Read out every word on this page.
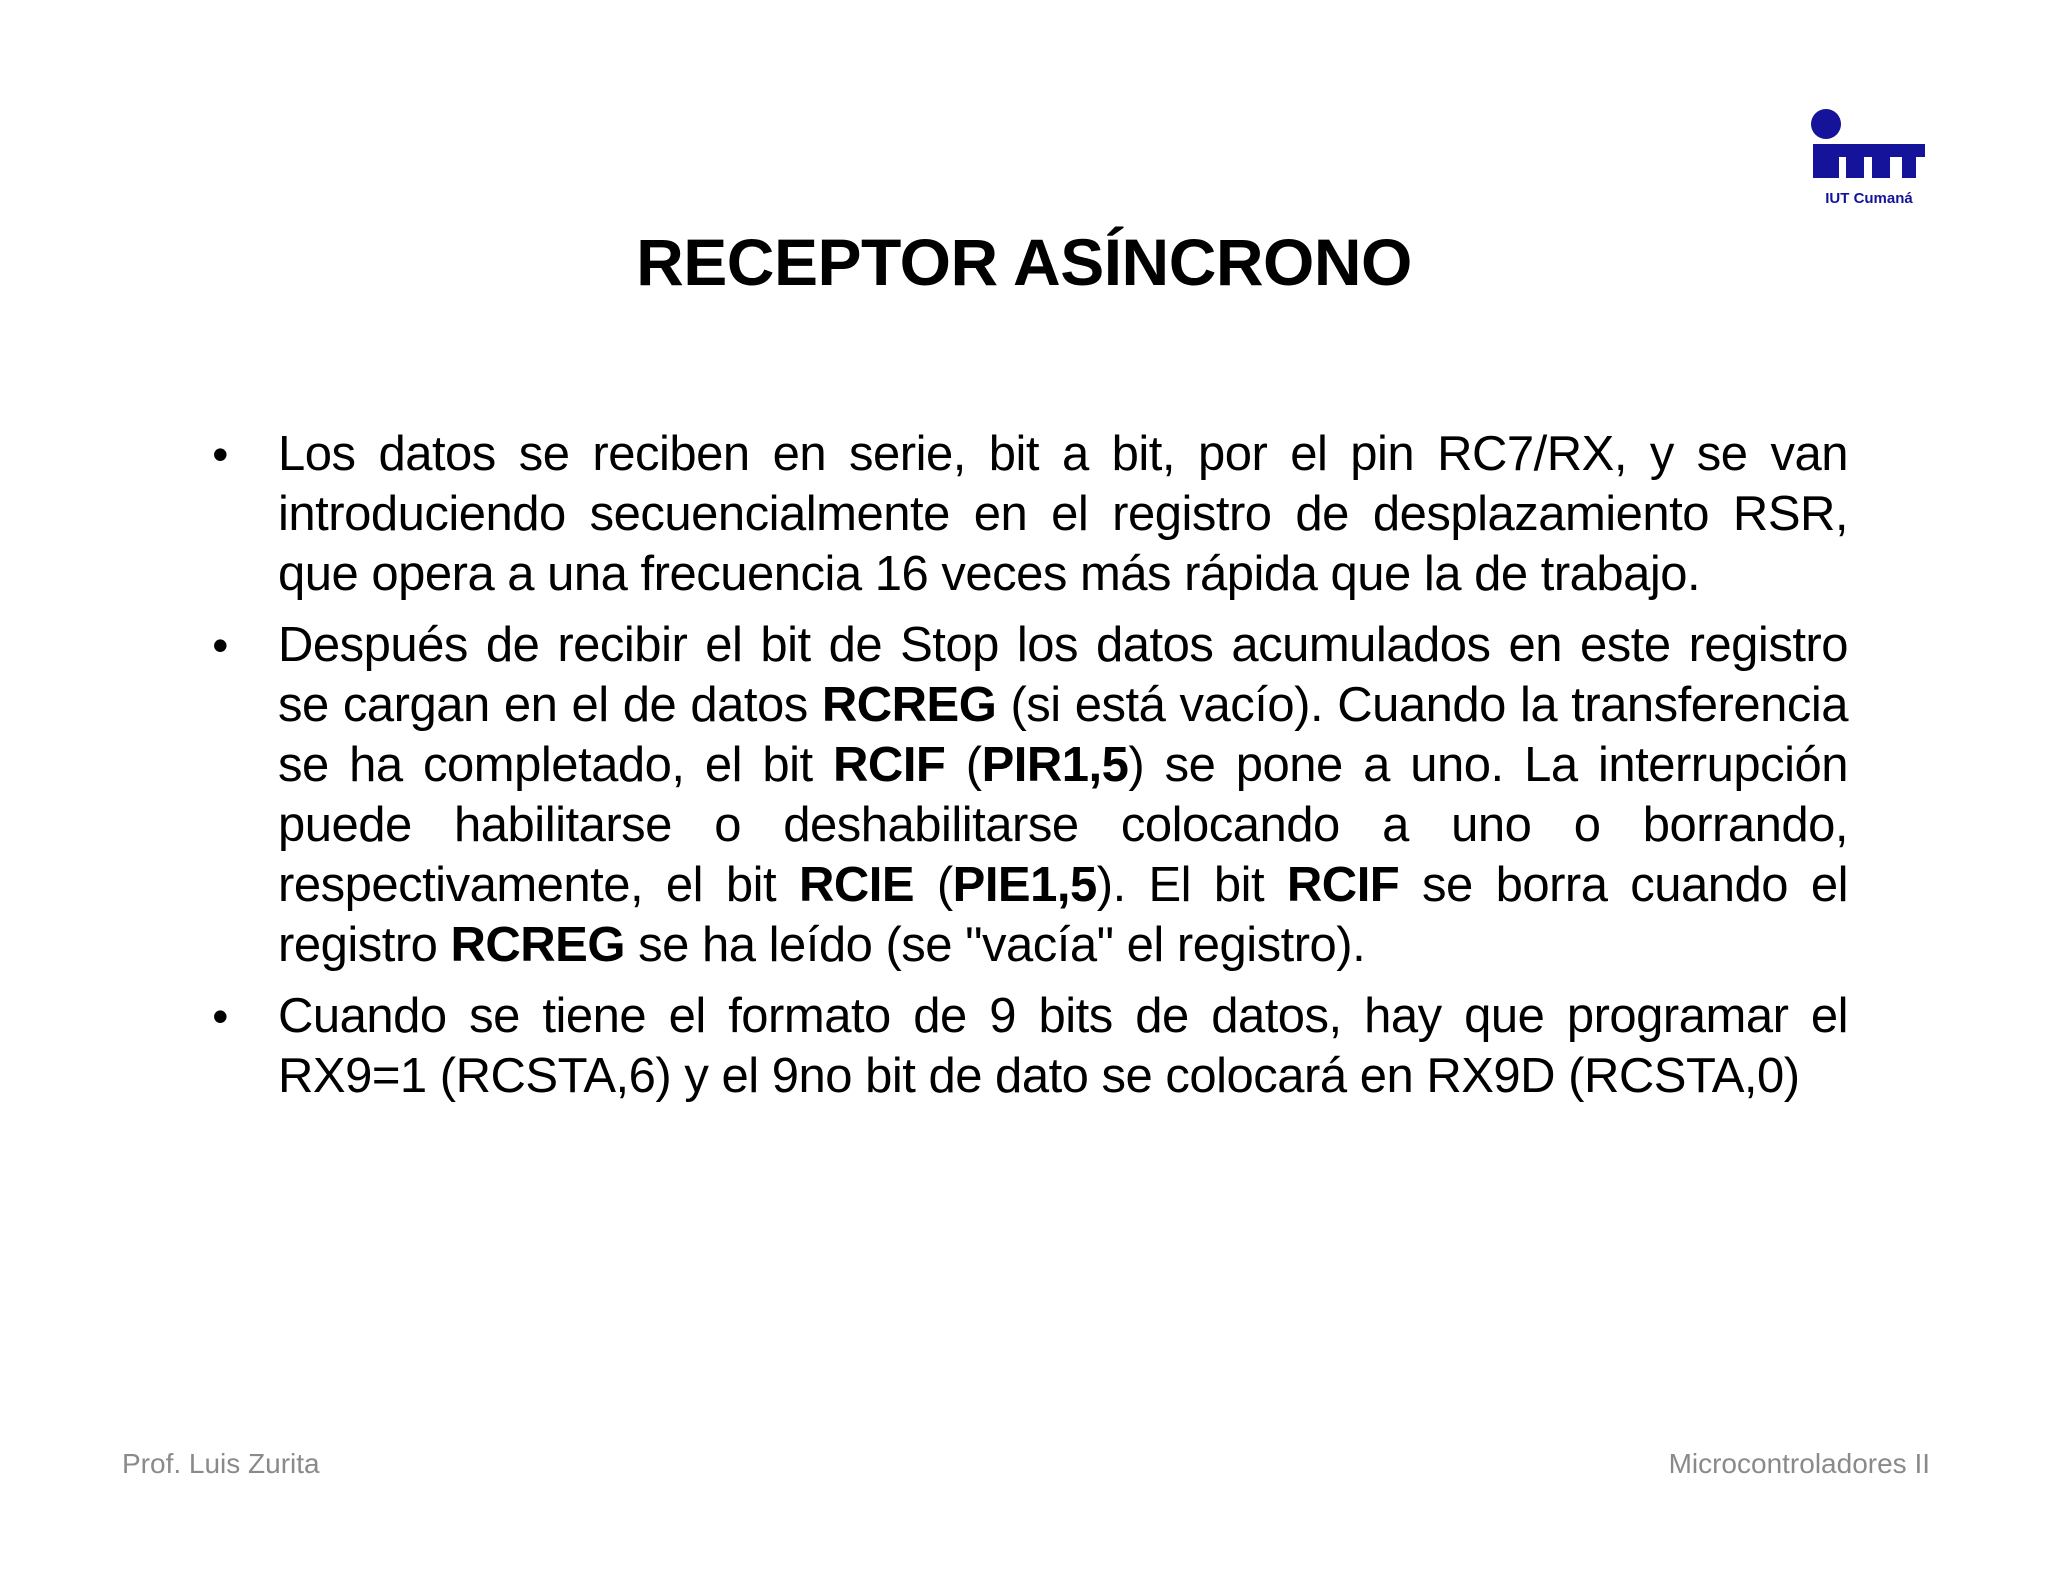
IUT Cumaná
RECEPTOR ASÍNCRONO
• Los datos se reciben en serie, bit a bit, por el pin RC7/RX, y se van introduciendo secuencialmente en el registro de desplazamiento RSR, que opera a una frecuencia 16 veces más rápida que la de trabajo.
• Después de recibir el bit de Stop los datos acumulados en este registro se cargan en el de datos RCREG (si está vacío). Cuando la transferencia se ha completado, el bit RCIF (PIR1,5) se pone a uno. La interrupción puede habilitarse o deshabilitarse colocando a uno o borrando, respectivamente, el bit RCIE (PIE1,5). El bit RCIF se borra cuando el registro RCREG se ha leído (se "vacía" el registro).
• Cuando se tiene el formato de 9 bits de datos, hay que programar el RX9=1 (RCSTA,6) y el 9no bit de dato se colocará en RX9D (RCSTA,0)
Prof. Luis Zurita	Microcontroladores II
